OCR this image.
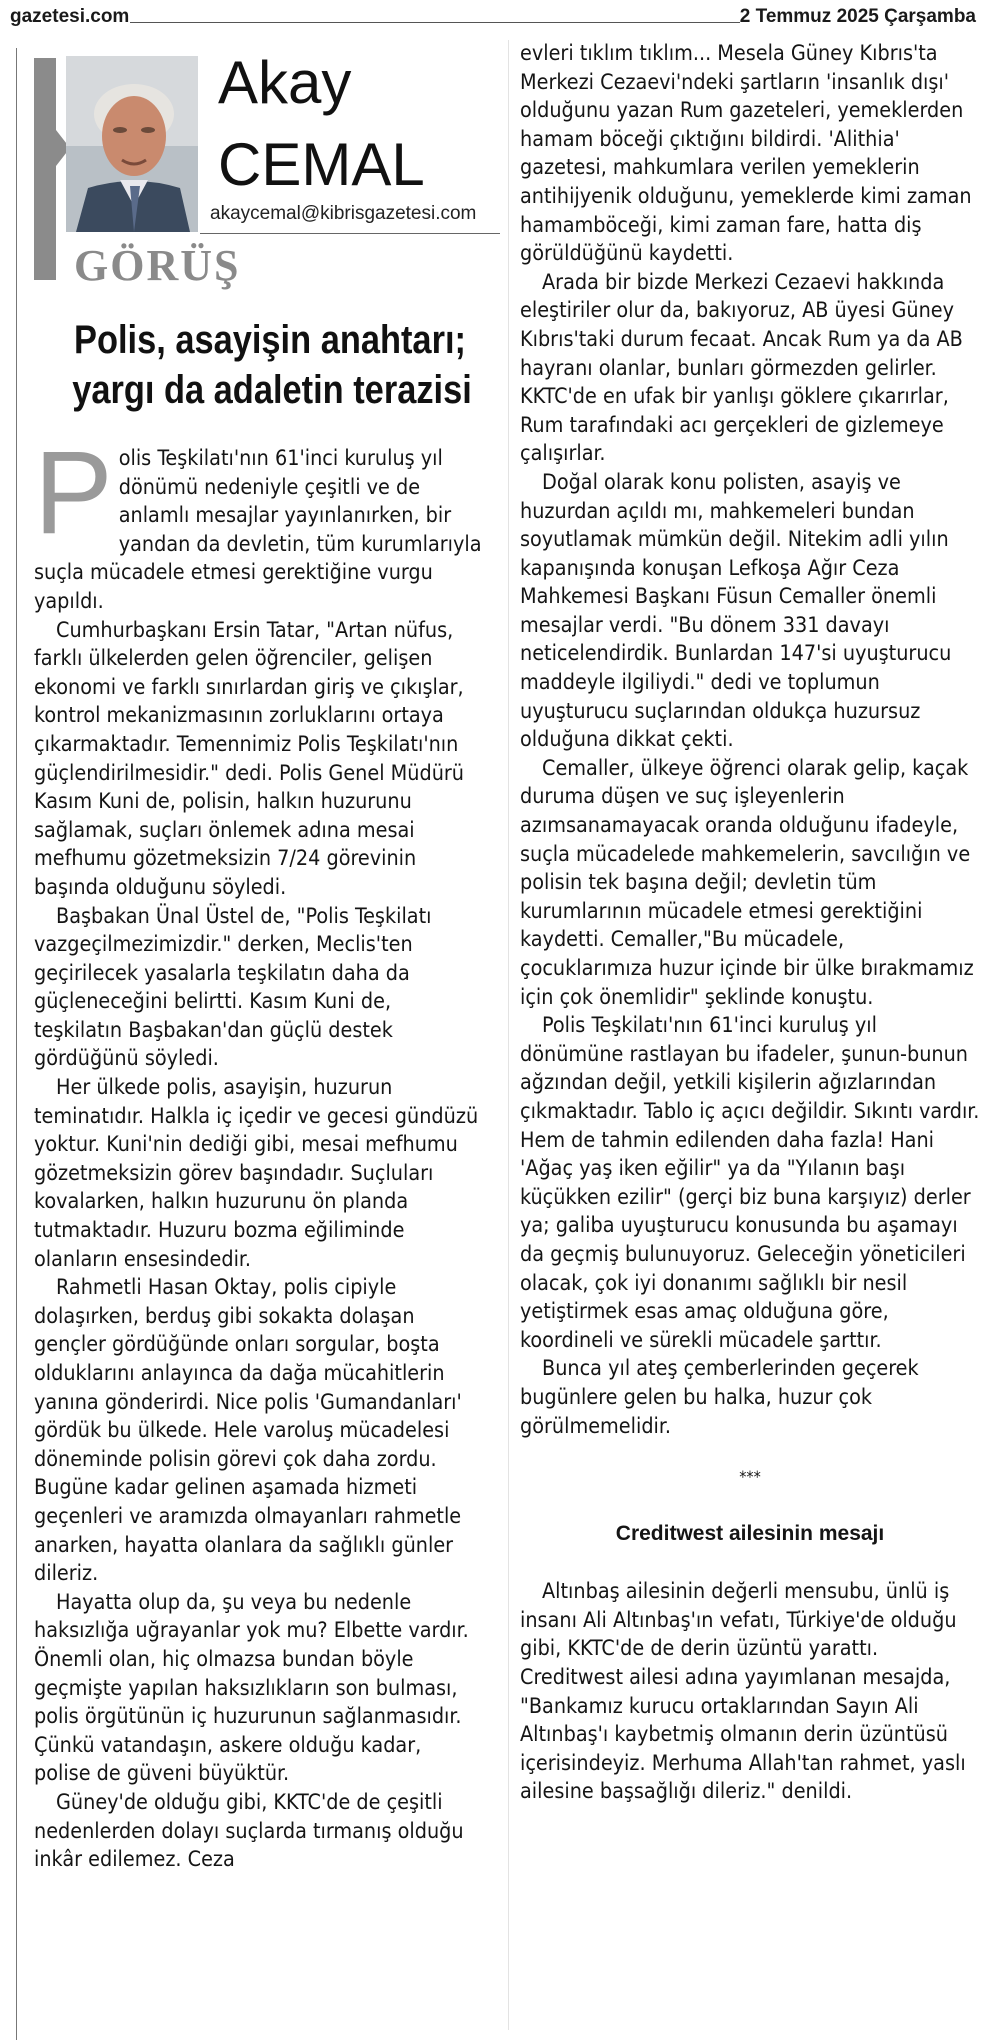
gazetesi.com	2 Temmuz 2025 Çarşamba
Akay
CEMAL
akaycemal@kibrisgazetesi.com
GÖRÜŞ
Polis, asayişin anahtarı;
yargı da adaletin terazisi

Polis Teşkilatı'nın 61'inci kuruluş yıl dönümü nedeniyle çeşitli ve de anlamlı mesajlar yayınlanırken, bir yandan da devletin, tüm kurumlarıyla suçla mücadele etmesi gerektiğine vurgu yapıldı.

Cumhurbaşkanı Ersin Tatar, "Artan nüfus, farklı ülkelerden gelen öğrenciler, gelişen ekonomi ve farklı sınırlardan giriş ve çıkışlar, kontrol mekanizmasının zorluklarını ortaya çıkarmaktadır. Temennimiz Polis Teşkilatı'nın güçlendirilmesidir." dedi. Polis Genel Müdürü Kasım Kuni de, polisin, halkın huzurunu sağlamak, suçları önlemek adına mesai mefhumu gözetmeksizin 7/24 görevinin başında olduğunu söyledi.

Başbakan Ünal Üstel de, "Polis Teşkilatı vazgeçilmezimizdir." derken, Meclis'ten geçirilecek yasalarla teşkilatın daha da güçleneceğini belirtti. Kasım Kuni de, teşkilatın Başbakan'dan güçlü destek gördüğünü söyledi.

Her ülkede polis, asayişin, huzurun teminatıdır. Halkla iç içedir ve gecesi gündüzü yoktur. Kuni'nin dediği gibi, mesai mefhumu gözetmeksizin görev başındadır. Suçluları kovalarken, halkın huzurunu ön planda tutmaktadır. Huzuru bozma eğiliminde olanların ensesindedir.

Rahmetli Hasan Oktay, polis cipiyle dolaşırken, berduş gibi sokakta dolaşan gençler gördüğünde onları sorgular, boşta olduklarını anlayınca da dağa mücahitlerin yanına gönderirdi. Nice polis 'Gumandanları' gördük bu ülkede. Hele varoluş mücadelesi döneminde polisin görevi çok daha zordu. Bugüne kadar gelinen aşamada hizmeti geçenleri ve aramızda olmayanları rahmetle anarken, hayatta olanlara da sağlıklı günler dileriz.

Hayatta olup da, şu veya bu nedenle haksızlığa uğrayanlar yok mu? Elbette vardır. Önemli olan, hiç olmazsa bundan böyle geçmişte yapılan haksızlıkların son bulması, polis örgütünün iç huzurunun sağlanmasıdır. Çünkü vatandaşın, askere olduğu kadar, polise de güveni büyüktür.

Güney'de olduğu gibi, KKTC'de de çeşitli nedenlerden dolayı suçlarda tırmanış olduğu inkâr edilemez. Ceza

evleri tıklım tıklım... Mesela Güney Kıbrıs'ta Merkezi Cezaevi'ndeki şartların 'insanlık dışı' olduğunu yazan Rum gazeteleri, yemeklerden hamam böceği çıktığını bildirdi. 'Alithia' gazetesi, mahkumlara verilen yemeklerin antihijyenik olduğunu, yemeklerde kimi zaman hamamböceği, kimi zaman fare, hatta diş görüldüğünü kaydetti.

Arada bir bizde Merkezi Cezaevi hakkında eleştiriler olur da, bakıyoruz, AB üyesi Güney Kıbrıs'taki durum fecaat. Ancak Rum ya da AB hayranı olanlar, bunları görmezden gelirler. KKTC'de en ufak bir yanlışı göklere çıkarırlar, Rum tarafındaki acı gerçekleri de gizlemeye çalışırlar.

Doğal olarak konu polisten, asayiş ve huzurdan açıldı mı, mahkemeleri bundan soyutlamak mümkün değil. Nitekim adli yılın kapanışında konuşan Lefkoşa Ağır Ceza Mahkemesi Başkanı Füsun Cemaller önemli mesajlar verdi. "Bu dönem 331 davayı neticelendirdik. Bunlardan 147'si uyuşturucu maddeyle ilgiliydi." dedi ve toplumun uyuşturucu suçlarından oldukça huzursuz olduğuna dikkat çekti.

Cemaller, ülkeye öğrenci olarak gelip, kaçak duruma düşen ve suç işleyenlerin azımsanamayacak oranda olduğunu ifadeyle, suçla mücadelede mahkemelerin, savcılığın ve polisin tek başına değil; devletin tüm kurumlarının mücadele etmesi gerektiğini kaydetti. Cemaller,"Bu mücadele, çocuklarımıza huzur içinde bir ülke bırakmamız için çok önemlidir" şeklinde konuştu.

Polis Teşkilatı'nın 61'inci kuruluş yıl dönümüne rastlayan bu ifadeler, şunun-bunun ağzından değil, yetkili kişilerin ağızlarından çıkmaktadır. Tablo iç açıcı değildir. Sıkıntı vardır. Hem de tahmin edilenden daha fazla! Hani 'Ağaç yaş iken eğilir" ya da "Yılanın başı küçükken ezilir" (gerçi biz buna karşıyız) derler ya; galiba uyuşturucu konusunda bu aşamayı da geçmiş bulunuyoruz. Geleceğin yöneticileri olacak, çok iyi donanımı sağlıklı bir nesil yetiştirmek esas amaç olduğuna göre, koordineli ve sürekli mücadele şarttır.

Bunca yıl ateş çemberlerinden geçerek bugünlere gelen bu halka, huzur çok görülmemelidir.

***
Creditwest ailesinin mesajı

Altınbaş ailesinin değerli mensubu, ünlü iş insanı Ali Altınbaş'ın vefatı, Türkiye'de olduğu gibi, KKTC'de de derin üzüntü yarattı. Creditwest ailesi adına yayımlanan mesajda, "Bankamız kurucu ortaklarından Sayın Ali Altınbaş'ı kaybetmiş olmanın derin üzüntüsü içerisindeyiz. Merhuma Allah'tan rahmet, yaslı ailesine başsağlığı dileriz." denildi.
